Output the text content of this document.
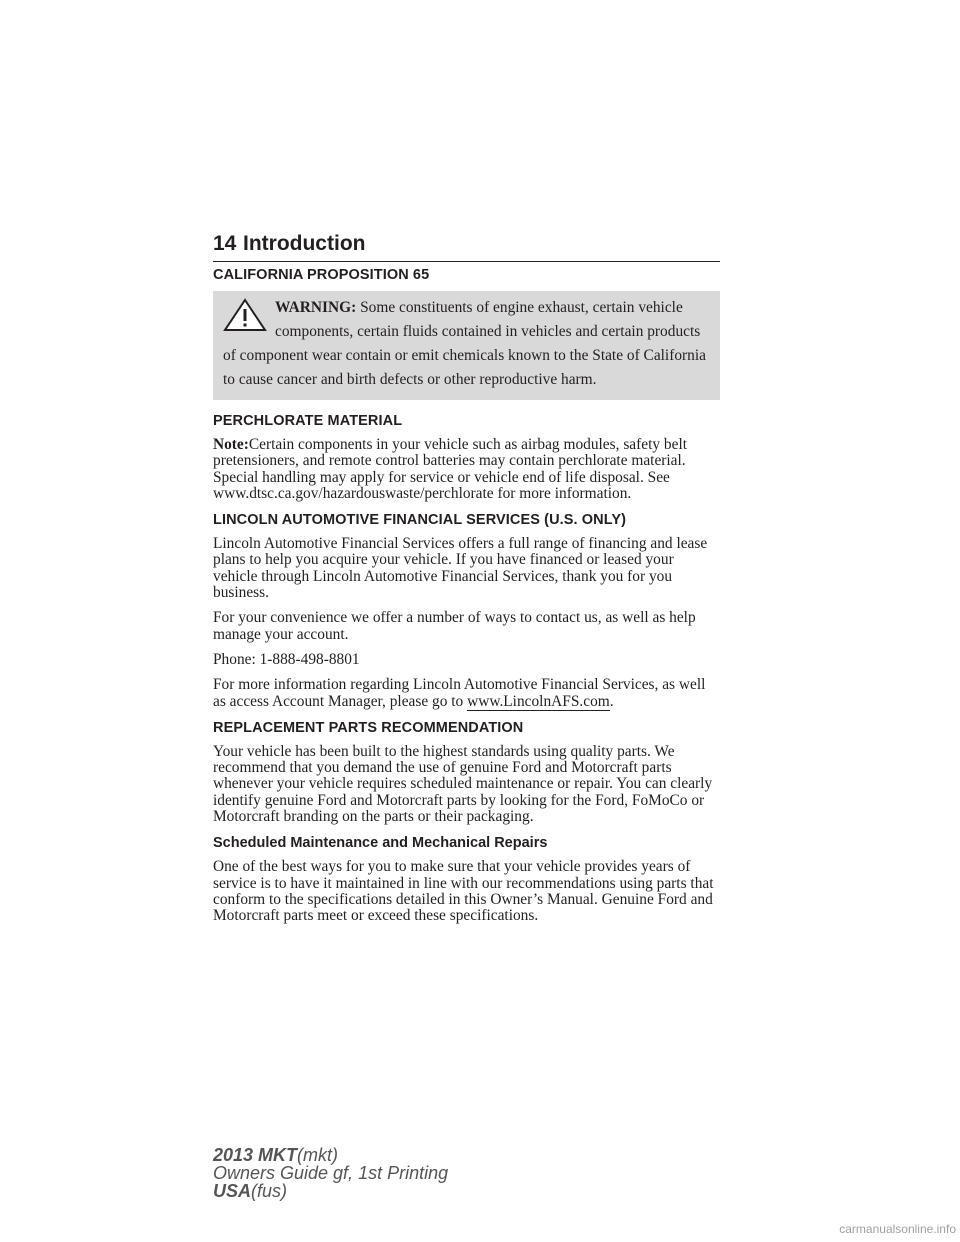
14 Introduction
CALIFORNIA PROPOSITION 65
WARNING: Some constituents of engine exhaust, certain vehicle components, certain fluids contained in vehicles and certain products of component wear contain or emit chemicals known to the State of California to cause cancer and birth defects or other reproductive harm.
PERCHLORATE MATERIAL

Note:Certain components in your vehicle such as airbag modules, safety belt pretensioners, and remote control batteries may contain perchlorate material. Special handling may apply for service or vehicle end of life disposal. See www.dtsc.ca.gov/hazardouswaste/perchlorate for more information.

LINCOLN AUTOMOTIVE FINANCIAL SERVICES (U.S. ONLY)

Lincoln Automotive Financial Services offers a full range of financing and lease plans to help you acquire your vehicle. If you have financed or leased your vehicle through Lincoln Automotive Financial Services, thank you for you business.

For your convenience we offer a number of ways to contact us, as well as help manage your account.

Phone: 1-888-498-8801

For more information regarding Lincoln Automotive Financial Services, as well as access Account Manager, please go to www.LincolnAFS.com.

REPLACEMENT PARTS RECOMMENDATION

Your vehicle has been built to the highest standards using quality parts. We recommend that you demand the use of genuine Ford and Motorcraft parts whenever your vehicle requires scheduled maintenance or repair. You can clearly identify genuine Ford and Motorcraft parts by looking for the Ford, FoMoCo or Motorcraft branding on the parts or their packaging.

Scheduled Maintenance and Mechanical Repairs

One of the best ways for you to make sure that your vehicle provides years of service is to have it maintained in line with our recommendations using parts that conform to the specifications detailed in this Owner’s Manual. Genuine Ford and Motorcraft parts meet or exceed these specifications.

2013 MKT(mkt)
Owners Guide gf, 1st Printing
USA(fus)
carmanualsonline.info
